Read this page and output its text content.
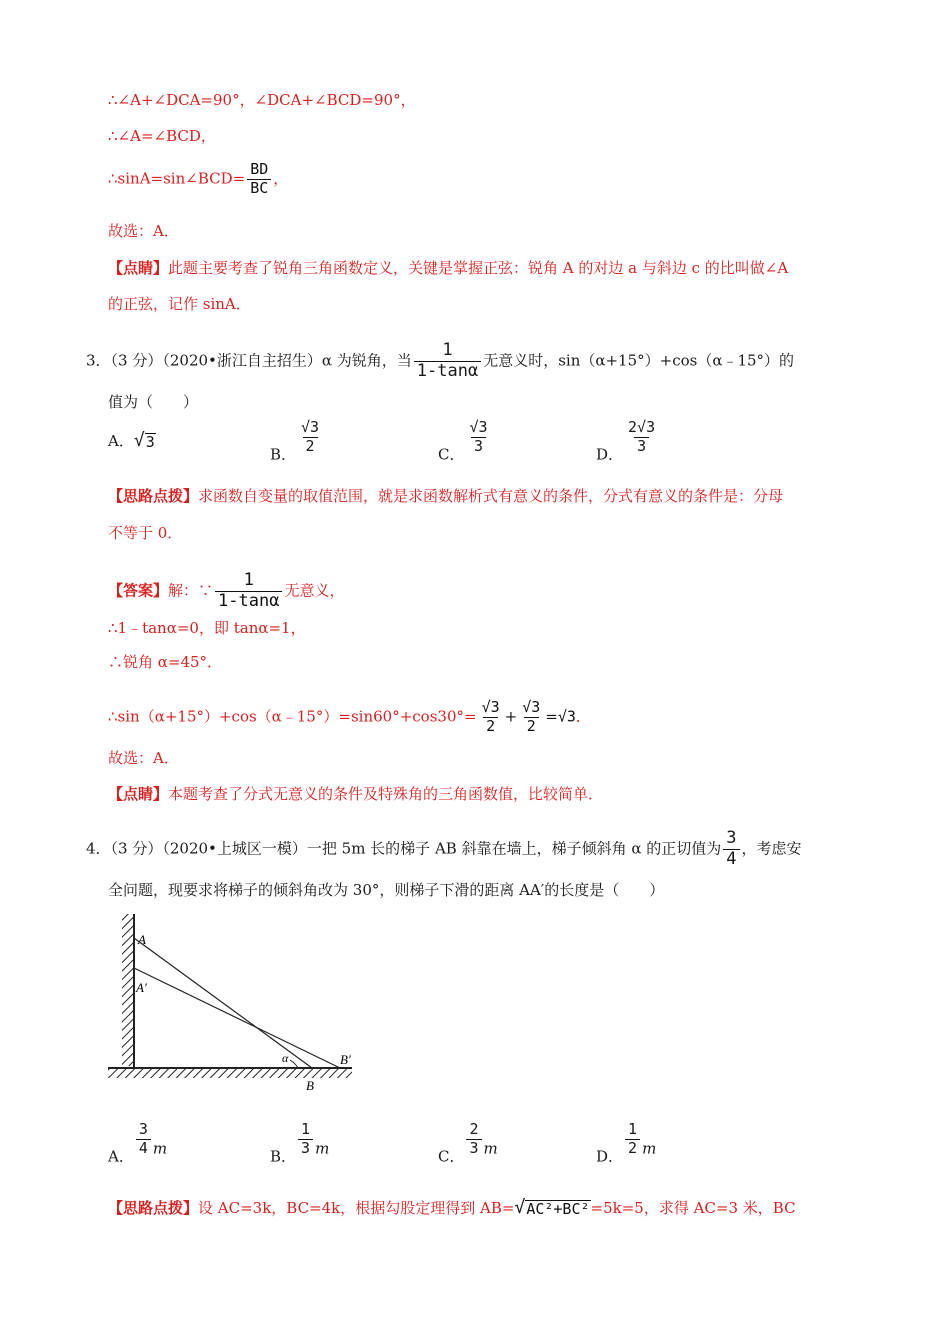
∴∠A+∠DCA=90°，∠DCA+∠BCD=90°，
∴∠A=∠BCD，
∴sinA=sin∠BCD= $\frac{BD}{BC}$ ，
故选：A．
【点睛】此题主要考查了锐角三角函数定义，关键是掌握正弦：锐角 A 的对边 a 与斜边 c 的比叫做∠A
的正弦，记作 sinA．
3．（3 分）（2020•浙江自主招生）α 为锐角，当 $\frac{1}{1-\tan\alpha}$ 无意义时，sin（α+15°）+cos（α﹣15°）的
值为（　　）
A． √ 3
B． $\frac{√3}{2}$	C． $\frac{√3}{3}$	D． $\frac{2√3}{3}$
【思路点拨】求函数自变量的取值范围，就是求函数解析式有意义的条件，分式有意义的条件是：分母
不等于 0．
【答案】解：∵ $\frac{1}{1-\tan\alpha}$ 无意义，
∴1﹣tanα=0，即 tanα=1，
∴锐角 α=45°．
∴sin（α+15°）+cos（α﹣15°）=sin60°+cos30°= $\frac{√3}{2} + \frac{√3}{2} =√3$．
故选：A．
【点睛】本题考查了分式无意义的条件及特殊角的三角函数值，比较简单．
4．（3 分）（2020•上城区一模）一把 5m 长的梯子 AB 斜靠在墙上，梯子倾斜角 α 的正切值为 $\frac{3}{4}$ ，考虑安
全问题，现要求将梯子的倾斜角改为 30°，则梯子下滑的距离 AA′的长度是（　　）
A
A′
α
B
B′
A． $\frac{3}{4}$ m	B． $\frac{1}{3}$ m	C． $\frac{2}{3}$ m	D． $\frac{1}{2}$ m
【思路点拨】设 AC=3k，BC=4k，根据勾股定理得到 AB= √ AC²+BC² =5k=5，求得 AC=3 米，BC
